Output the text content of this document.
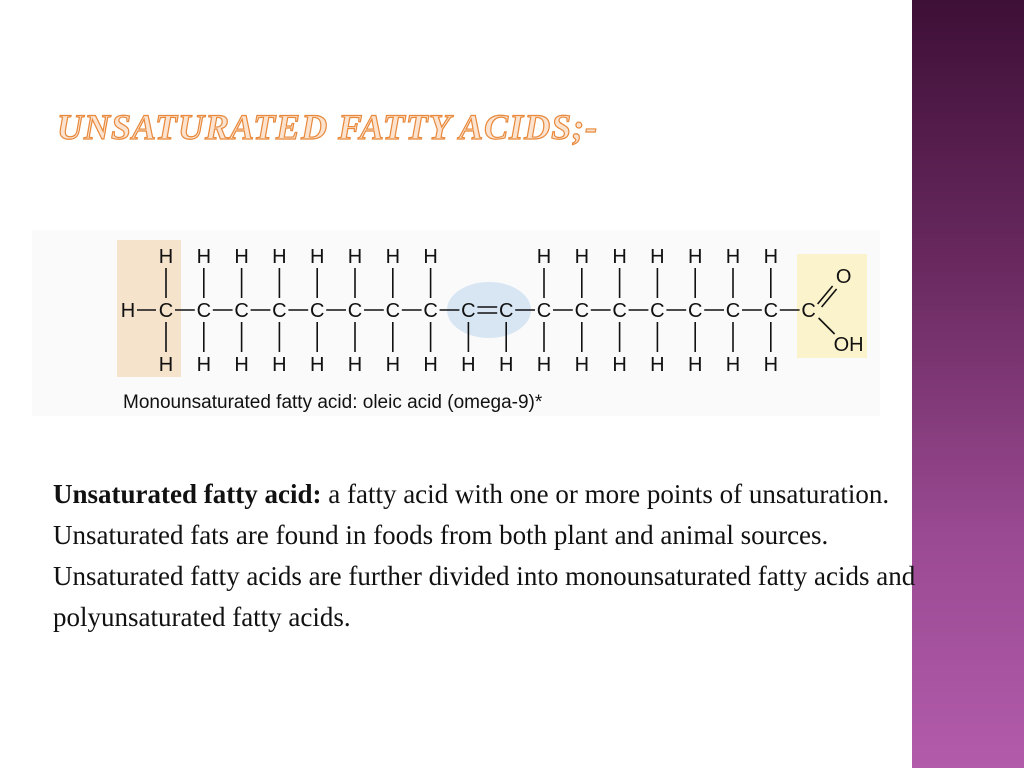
UNSATURATED FATTY ACIDS;-
H C
H
H
C
H
H
C
H
H
C
H
H
C
H
H
C
H
H
C
H
H
C
H
H
C
H
C
H
C
H
H
C
H
H
C
H
H
C
H
H
C
H
H
C
H
H
C
H
H
C
O
OH
Monounsaturated fatty acid: oleic acid (omega-9)*

Unsaturated fatty acid: a fatty acid with one or more points of unsaturation. Unsaturated fats are found in foods from both plant and animal sources. Unsaturated fatty acids are further divided into monounsaturated fatty acids and polyunsaturated fatty acids.
